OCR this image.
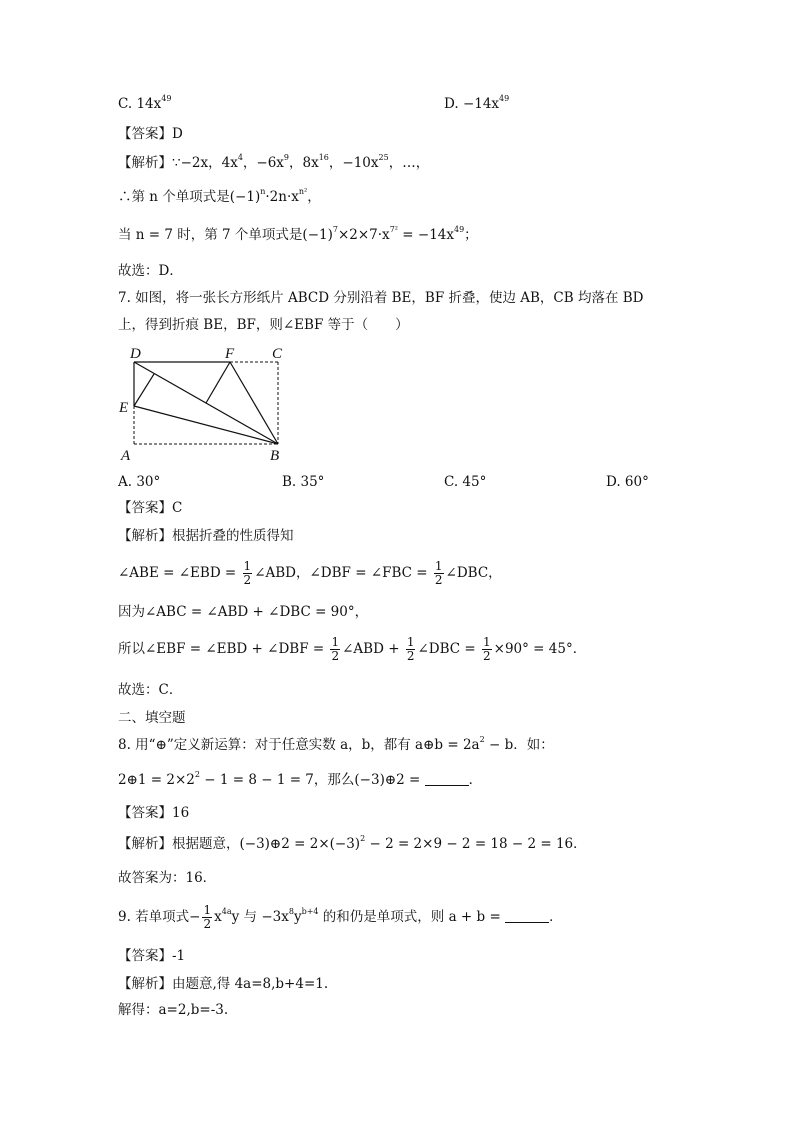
C. $14x^{49}$	D. $-14x^{49}$
【答案】D
【解析】∵−2x，$4x^4$，$-6x^9$，$8x^{16}$，$-10x^{25}$，…，
∴第 n 个单项式是$(-1)^n\cdot 2n\cdot x^{n^2}$，
当 n = 7 时，第 7 个单项式是$(-1)^7\times 2\times 7\cdot x^{7^2} = -14x^{49}$；
故选：D．
7. 如图，将一张长方形纸片 ABCD 分别沿着 BE，BF 折叠，使边 AB，CB 均落在 BD
上，得到折痕 BE，BF，则∠EBF 等于（　　）
D	F	C
E
A	B
A. 30°	B. 35°	C. 45°	D. 60°
【答案】C
【解析】根据折叠的性质得知
∠ABE = ∠EBD = $\frac{1}{2}$ ∠ABD，∠DBF = ∠FBC = $\frac{1}{2}$ ∠DBC，
因为∠ABC = ∠ABD + ∠DBC = 90°，
所以∠EBF = ∠EBD + ∠DBF = $\frac{1}{2}$ ∠ABD + $\frac{1}{2}$ ∠DBC = $\frac{1}{2} \times 90^\circ = 45^\circ$．
故选：C．
二、填空题
8. 用“⊕”定义新运算：对于任意实数 a，b，都有 a⊕b = $2a^2 - b$．如：
2⊕1 = $2\times 2^2 - 1 = 8 - 1 = 7$，那么(−3)⊕2 =	．
【答案】16
【解析】根据题意，(−3)⊕2 = $2\times(-3)^2 - 2 = 2\times 9 - 2 = 18 - 2 = 16$．
故答案为：16．
9. 若单项式− $\frac{1}{2} x^{4a}y$ 与 $-3x^8y^{b+4}$ 的和仍是单项式，则 a + b =	．
【答案】-1
【解析】由题意,得 4a=8,b+4=1.
解得：a=2,b=-3.
